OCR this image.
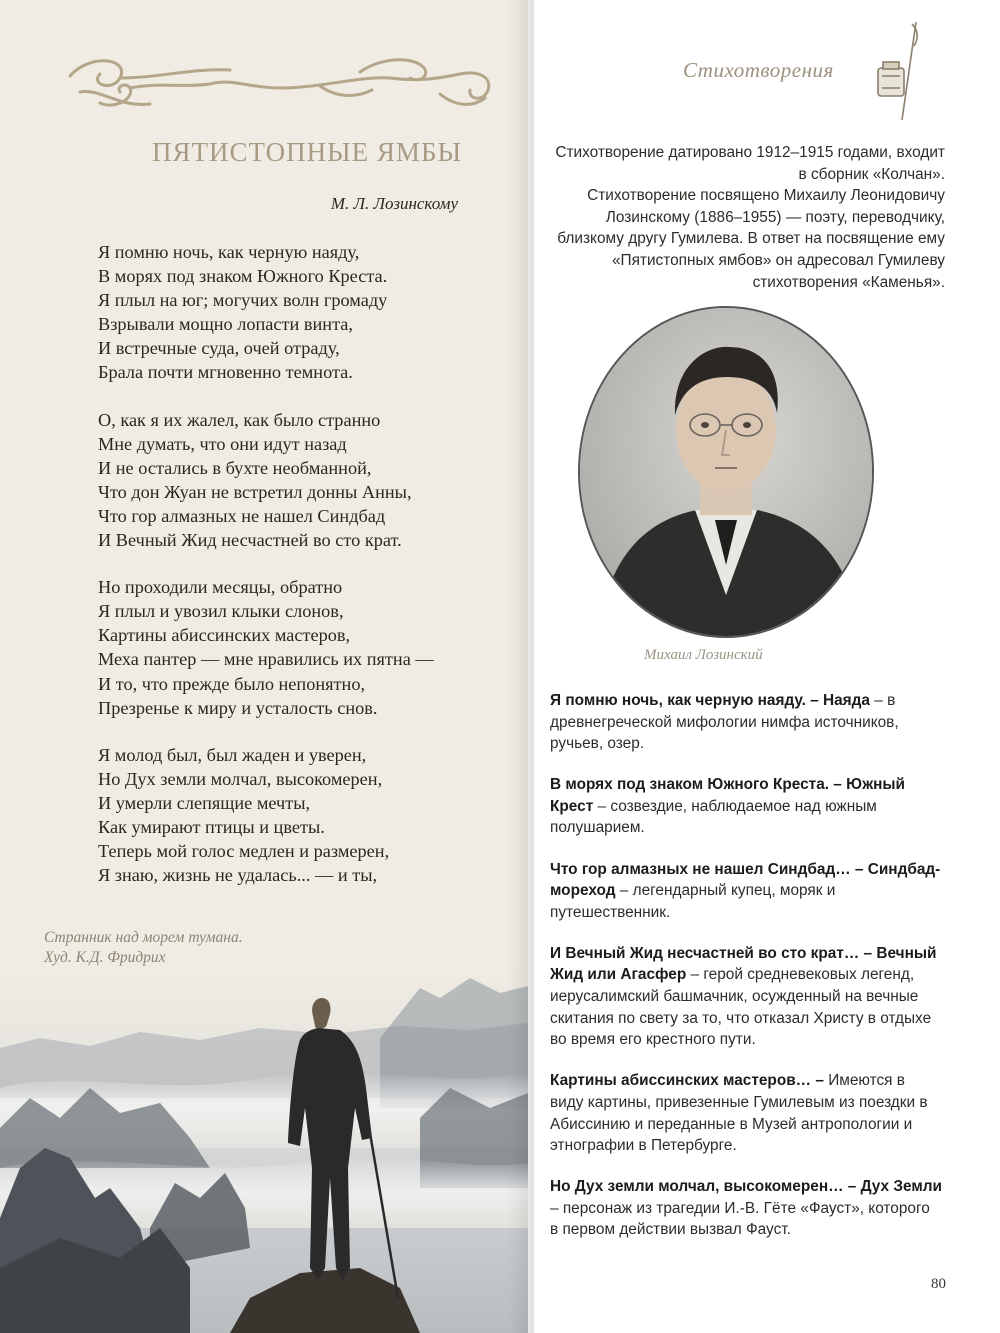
ПЯТИСТОПНЫЕ ЯМБЫ
М. Л. Лозинскому
Я помню ночь, как черную наяду,
В морях под знаком Южного Креста.
Я плыл на юг; могучих волн громаду
Взрывали мощно лопасти винта,
И встречные суда, очей отраду,
Брала почти мгновенно темнота.
О, как я их жалел, как было странно
Мне думать, что они идут назад
И не остались в бухте необманной,
Что дон Жуан не встретил донны Анны,
Что гор алмазных не нашел Синдбад
И Вечный Жид несчастней во сто крат.
Но проходили месяцы, обратно
Я плыл и увозил клыки слонов,
Картины абиссинских мастеров,
Меха пантер — мне нравились их пятна —
И то, что прежде было непонятно,
Презренье к миру и усталость снов.
Я молод был, был жаден и уверен,
Но Дух земли молчал, высокомерен,
И умерли слепящие мечты,
Как умирают птицы и цветы.
Теперь мой голос медлен и размерен,
Я знаю, жизнь не удалась... — и ты,
Странник над морем тумана.
Худ. К.Д. Фридрих
Стихотворения

Стихотворение датировано 1912–1915 годами, входит в сборник «Колчан».

Стихотворение посвящено Михаилу Леонидовичу Лозинскому (1886–1955) — поэту, переводчику, близкому другу Гумилева. В ответ на посвящение ему «Пятистопных ямбов» он адресовал Гумилеву стихотворения «Каменья».

Михаил Лозинский
Я помню ночь, как черную наяду. – Наяда – в древнегреческой мифологии нимфа источников, ручьев, озер.
В морях под знаком Южного Креста. – Южный Крест – созвездие, наблюдаемое над южным полушарием.
Что гор алмазных не нашел Синдбад… – Синдбад-мореход – легендарный купец, моряк и путешественник.
И Вечный Жид несчастней во сто крат… – Вечный Жид или Агасфер – герой средневековых легенд, иерусалимский башмачник, осужденный на вечные скитания по свету за то, что отказал Христу в отдыхе во время его крестного пути.
Картины абиссинских мастеров… – Имеются в виду картины, привезенные Гумилевым из поездки в Абиссинию и переданные в Музей антропологии и этнографии в Петербурге.
Но Дух земли молчал, высокомерен… – Дух Земли – персонаж из трагедии И.-В. Гёте «Фауст», которого в первом действии вызвал Фауст.
80
